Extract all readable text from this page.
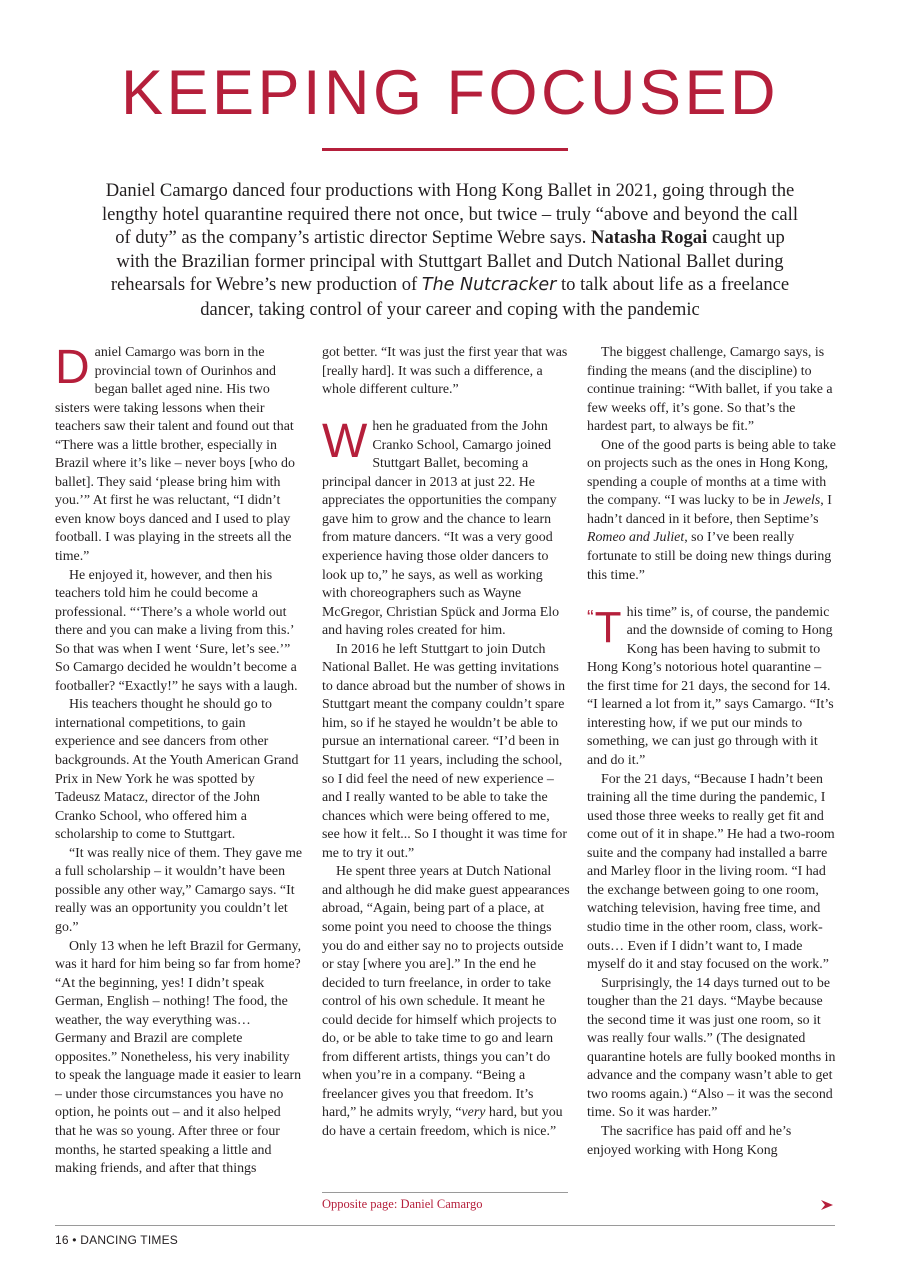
KEEPING FOCUSED

Daniel Camargo danced four productions with Hong Kong Ballet in 2021, going through the lengthy hotel quarantine required there not once, but twice – truly “above and beyond the call of duty” as the company’s artistic director Septime Webre says. Natasha Rogai caught up with the Brazilian former principal with Stuttgart Ballet and Dutch National Ballet during rehearsals for Webre’s new production of The Nutcracker to talk about life as a freelance dancer, taking control of your career and coping with the pandemic

Daniel Camargo was born in the provincial town of Ourinhos and began ballet aged nine. His two sisters were taking lessons when their teachers saw their talent and found out that “There was a little brother, especially in Brazil where it’s like – never boys [who do ballet]. They said ‘please bring him with you.’” At first he was reluctant, “I didn’t even know boys danced and I used to play football. I was playing in the streets all the time.”

He enjoyed it, however, and then his teachers told him he could become a professional. “‘There’s a whole world out there and you can make a living from this.’ So that was when I went ‘Sure, let’s see.’” So Camargo decided he wouldn’t become a footballer? “Exactly!” he says with a laugh.

His teachers thought he should go to international competitions, to gain experience and see dancers from other backgrounds. At the Youth American Grand Prix in New York he was spotted by Tadeusz Matacz, director of the John Cranko School, who offered him a scholarship to come to Stuttgart.

“It was really nice of them. They gave me a full scholarship – it wouldn’t have been possible any other way,” Camargo says. “It really was an opportunity you couldn’t let go.”

Only 13 when he left Brazil for Germany, was it hard for him being so far from home? “At the beginning, yes! I didn’t speak German, English – nothing! The food, the weather, the way everything was… Germany and Brazil are complete opposites.” Nonetheless, his very inability to speak the language made it easier to learn – under those circumstances you have no option, he points out – and it also helped that he was so young. After three or four months, he started speaking a little and making friends, and after that things

got better. “It was just the first year that was [really hard]. It was such a difference, a whole different culture.”

When he graduated from the John Cranko School, Camargo joined Stuttgart Ballet, becoming a principal dancer in 2013 at just 22. He appreciates the opportunities the company gave him to grow and the chance to learn from mature dancers. “It was a very good experience having those older dancers to look up to,” he says, as well as working with choreographers such as Wayne McGregor, Christian Spück and Jorma Elo and having roles created for him.

In 2016 he left Stuttgart to join Dutch National Ballet. He was getting invitations to dance abroad but the number of shows in Stuttgart meant the company couldn’t spare him, so if he stayed he wouldn’t be able to pursue an international career. “I’d been in Stuttgart for 11 years, including the school, so I did feel the need of new experience – and I really wanted to be able to take the chances which were being offered to me, see how it felt... So I thought it was time for me to try it out.”

He spent three years at Dutch National and although he did make guest appearances abroad, “Again, being part of a place, at some point you need to choose the things you do and either say no to projects outside or stay [where you are].” In the end he decided to turn freelance, in order to take control of his own schedule. It meant he could decide for himself which projects to do, or be able to take time to go and learn from different artists, things you can’t do when you’re in a company. “Being a freelancer gives you that freedom. It’s hard,” he admits wryly, “very hard, but you do have a certain freedom, which is nice.”

Opposite page: Daniel Camargo

The biggest challenge, Camargo says, is finding the means (and the discipline) to continue training: “With ballet, if you take a few weeks off, it’s gone. So that’s the hardest part, to always be fit.”

One of the good parts is being able to take on projects such as the ones in Hong Kong, spending a couple of months at a time with the company. “I was lucky to be in Jewels, I hadn’t danced in it before, then Septime’s Romeo and Juliet, so I’ve been really fortunate to still be doing new things during this time.”

“T his time” is, of course, the pandemic and the downside of coming to Hong Kong has been having to submit to Hong Kong’s notorious hotel quarantine – the first time for 21 days, the second for 14. “I learned a lot from it,” says Camargo. “It’s interesting how, if we put our minds to something, we can just go through with it and do it.”

For the 21 days, “Because I hadn’t been training all the time during the pandemic, I used those three weeks to really get fit and come out of it in shape.” He had a two-room suite and the company had installed a barre and Marley floor in the living room. “I had the exchange between going to one room, watching television, having free time, and studio time in the other room, class, work-outs… Even if I didn’t want to, I made myself do it and stay focused on the work.”

Surprisingly, the 14 days turned out to be tougher than the 21 days. “Maybe because the second time it was just one room, so it was really four walls.” (The designated quarantine hotels are fully booked months in advance and the company wasn’t able to get two rooms again.) “Also – it was the second time. So it was harder.”

The sacrifice has paid off and he’s enjoyed working with Hong Kong

16 • DANCING TIMES
